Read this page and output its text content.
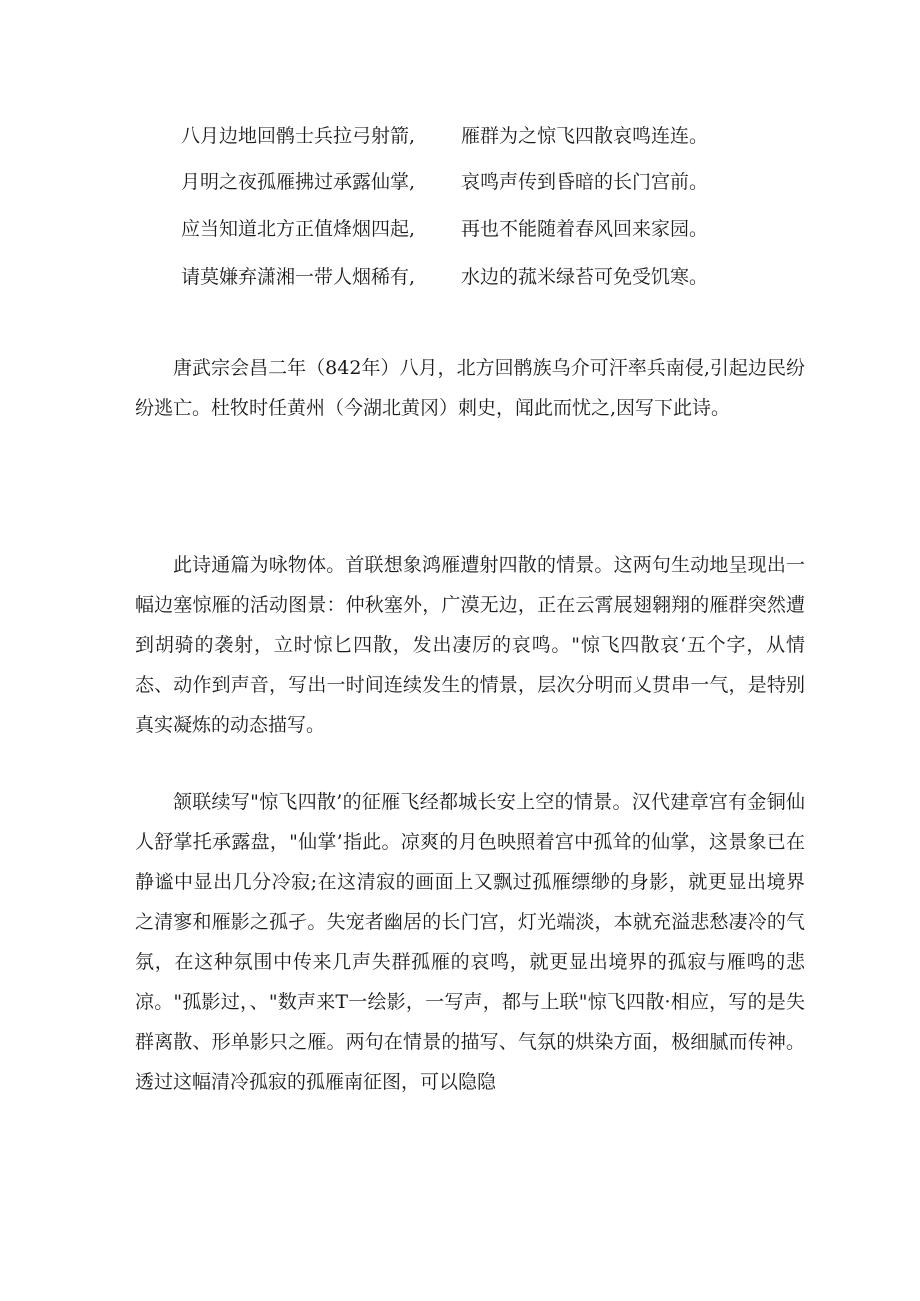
八月边地回鹘士兵拉弓射箭, 雁群为之惊飞四散哀鸣连连。
月明之夜孤雁拂过承露仙掌, 哀鸣声传到昏暗的长门宫前。
应当知道北方正值烽烟四起, 再也不能随着春风回来家园。
请莫嫌弃潇湘一带人烟稀有, 水边的菰米绿苔可免受饥寒。

唐武宗会昌二年（842年）八月，北方回鹘族乌介可汗率兵南侵,引起边民纷纷逃亡。杜牧时任黄州（今湖北黄冈）刺史，闻此而忧之,因写下此诗。

此诗通篇为咏物体。首联想象鸿雁遭射四散的情景。这两句生动地呈现出一幅边塞惊雁的活动图景：仲秋塞外，广漠无边，正在云霄展翅翱翔的雁群突然遭到胡骑的袭射，立时惊匕四散，发出凄厉的哀鸣。"惊飞四散哀‘五个字，从情态、动作到声音，写出一时间连续发生的情景，层次分明而乂贯串一气，是特别真实凝炼的动态描写。

颔联续写"惊飞四散’的征雁飞经都城长安上空的情景。汉代建章宫有金铜仙人舒掌托承露盘，"仙掌’指此。凉爽的月色映照着宫中孤耸的仙掌，这景象已在静谧中显出几分冷寂;在这清寂的画面上又飘过孤雁缥缈的身影，就更显出境界之清寥和雁影之孤孑。失宠者幽居的长门宫，灯光端淡，本就充溢悲愁凄冷的气氛，在这种氛围中传来几声失群孤雁的哀鸣，就更显出境界的孤寂与雁鸣的悲凉。"孤影过，、"数声来T一绘影，一写声，都与上联"惊飞四散·相应，写的是失群离散、形单影只之雁。两句在情景的描写、气氛的烘染方面，极细腻而传神。透过这幅清冷孤寂的孤雁南征图，可以隐隐
